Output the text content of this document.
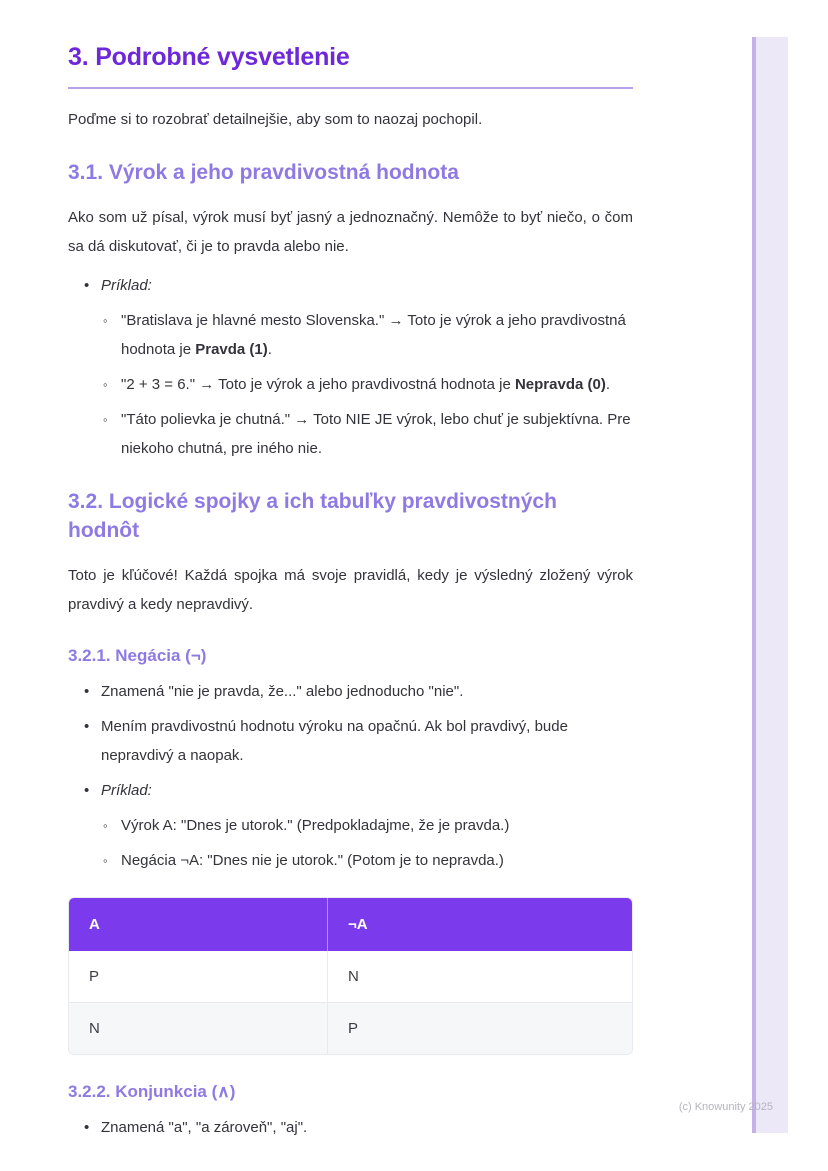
3. Podrobné vysvetlenie

Poďme si to rozobrať detailnejšie, aby som to naozaj pochopil.

3.1. Výrok a jeho pravdivostná hodnota

Ako som už písal, výrok musí byť jasný a jednoznačný. Nemôže to byť niečo, o čom sa dá diskutovať, či je to pravda alebo nie.

• Príklad:
◦ "Bratislava je hlavné mesto Slovenska." → Toto je výrok a jeho pravdivostná hodnota je Pravda (1).
◦ "2 + 3 = 6." → Toto je výrok a jeho pravdivostná hodnota je Nepravda (0).
◦ "Táto polievka je chutná." → Toto NIE JE výrok, lebo chuť je subjektívna. Pre niekoho chutná, pre iného nie.
3.2. Logické spojky a ich tabuľky pravdivostných hodnôt

Toto je kľúčové! Každá spojka má svoje pravidlá, kedy je výsledný zložený výrok pravdivý a kedy nepravdivý.

3.2.1. Negácia (¬)
• Znamená "nie je pravda, že..." alebo jednoducho "nie".
• Mením pravdivostnú hodnotu výroku na opačnú. Ak bol pravdivý, bude nepravdivý a naopak.
• Príklad:
◦ Výrok A: "Dnes je utorok." (Predpokladajme, že je pravda.)
◦ Negácia ¬A: "Dnes nie je utorok." (Potom je to nepravda.)
A	¬A
P	N
N	P
3.2.2. Konjunkcia (∧)
• Znamená "a", "a zároveň", "aj".
(c) Knowunity 2025
